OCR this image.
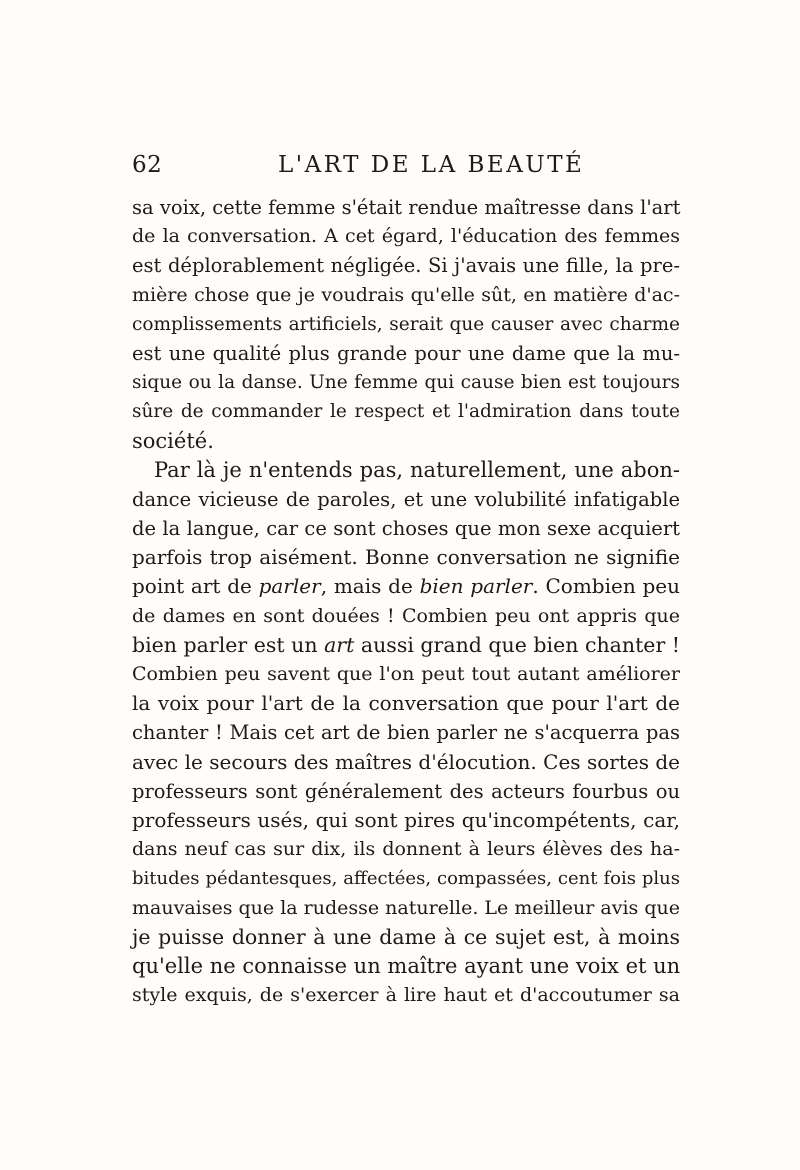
62	L'ART DE LA BEAUTÉ
sa voix, cette femme s'était rendue maîtresse dans l'art
de la conversation. A cet égard, l'éducation des femmes
est déplorablement négligée. Si j'avais une fille, la pre-
mière chose que je voudrais qu'elle sût, en matière d'ac-
complissements artificiels, serait que causer avec charme
est une qualité plus grande pour une dame que la mu-
sique ou la danse. Une femme qui cause bien est toujours
sûre de commander le respect et l'admiration dans toute
société.
Par là je n'entends pas, naturellement, une abon-
dance vicieuse de paroles, et une volubilité infatigable
de la langue, car ce sont choses que mon sexe acquiert
parfois trop aisément. Bonne conversation ne signifie
point art de parler, mais de bien parler. Combien peu
de dames en sont douées ! Combien peu ont appris que
bien parler est un art aussi grand que bien chanter !
Combien peu savent que l'on peut tout autant améliorer
la voix pour l'art de la conversation que pour l'art de
chanter ! Mais cet art de bien parler ne s'acquerra pas
avec le secours des maîtres d'élocution. Ces sortes de
professeurs sont généralement des acteurs fourbus ou
professeurs usés, qui sont pires qu'incompétents, car,
dans neuf cas sur dix, ils donnent à leurs élèves des ha-
bitudes pédantesques, affectées, compassées, cent fois plus
mauvaises que la rudesse naturelle. Le meilleur avis que
je puisse donner à une dame à ce sujet est, à moins
qu'elle ne connaisse un maître ayant une voix et un
style exquis, de s'exercer à lire haut et d'accoutumer sa
